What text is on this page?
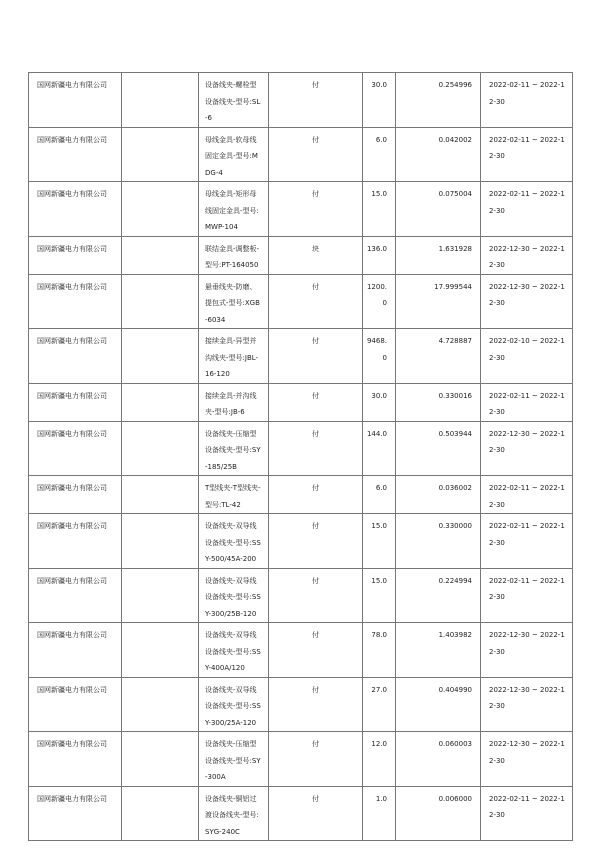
国网新疆电力有限公司		设备线夹-螺栓型设备线夹-型号:SL-6	付	30.0	0.254996	2022-02-11 ~ 2022-12-30
国网新疆电力有限公司		母线金具-软母线固定金具-型号:MDG-4	付	6.0	0.042002	2022-02-11 ~ 2022-12-30
国网新疆电力有限公司		母线金具-矩形母线固定金具-型号:MWP-104	付	15.0	0.075004	2022-02-11 ~ 2022-12-30
国网新疆电力有限公司		联结金具-调整板-型号:PT-164050	块	136.0	1.631928	2022-12-30 ~ 2022-12-30
国网新疆电力有限公司		悬垂线夹-防磨、提包式-型号:XGB-6034	付	1200.0	17.999544	2022-12-30 ~ 2022-12-30
国网新疆电力有限公司		接续金具-异型并沟线夹-型号:JBL-16-120	付	9468.0	4.728887	2022-02-10 ~ 2022-12-30
国网新疆电力有限公司		接续金具-并沟线夹-型号:JB-6	付	30.0	0.330016	2022-02-11 ~ 2022-12-30
国网新疆电力有限公司		设备线夹-压缩型设备线夹-型号:SY-185/25B	付	144.0	0.503944	2022-12-30 ~ 2022-12-30
国网新疆电力有限公司		T型线夹-T型线夹-型号:TL-42	付	6.0	0.036002	2022-02-11 ~ 2022-12-30
国网新疆电力有限公司		设备线夹-双导线设备线夹-型号:SSY-500/45A-200	付	15.0	0.330000	2022-02-11 ~ 2022-12-30
国网新疆电力有限公司		设备线夹-双导线设备线夹-型号:SSY-300/25B-120	付	15.0	0.224994	2022-02-11 ~ 2022-12-30
国网新疆电力有限公司		设备线夹-双导线设备线夹-型号:SSY-400A/120	付	78.0	1.403982	2022-12-30 ~ 2022-12-30
国网新疆电力有限公司		设备线夹-双导线设备线夹-型号:SSY-300/25A-120	付	27.0	0.404990	2022-12-30 ~ 2022-12-30
国网新疆电力有限公司		设备线夹-压缩型设备线夹-型号:SY-300A	付	12.0	0.060003	2022-12-30 ~ 2022-12-30
国网新疆电力有限公司		设备线夹-铜铝过渡设备线夹-型号:SYG-240C	付	1.0	0.006000	2022-02-11 ~ 2022-12-30
